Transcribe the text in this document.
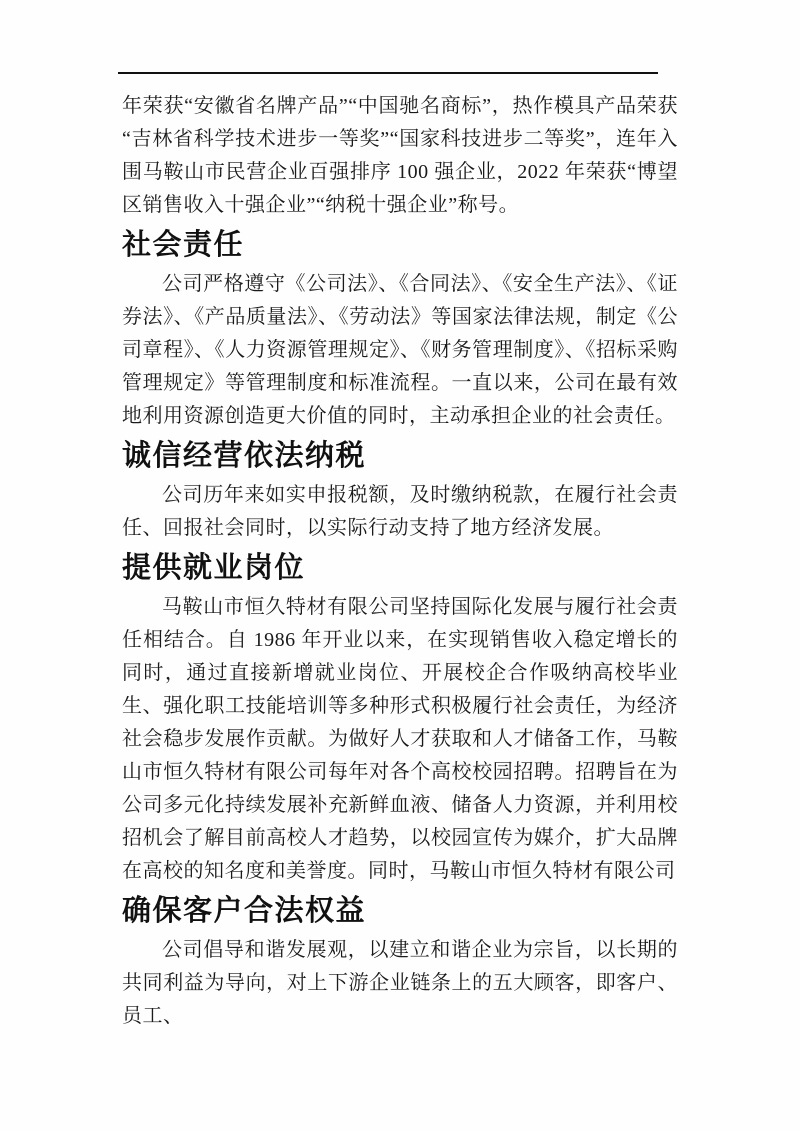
年荣获“安徽省名牌产品”“中国驰名商标”，热作模具产品荣获“吉林省科学技术进步一等奖”“国家科技进步二等奖”，连年入围马鞍山市民营企业百强排序 100 强企业，2022 年荣获“博望区销售收入十强企业”“纳税十强企业”称号。

社会责任

公司严格遵守《公司法》、《合同法》、《安全生产法》、《证券法》、《产品质量法》、《劳动法》等国家法律法规，制定《公司章程》、《人力资源管理规定》、《财务管理制度》、《招标采购管理规定》等管理制度和标准流程。一直以来，公司在最有效地利用资源创造更大价值的同时，主动承担企业的社会责任。

诚信经营依法纳税

公司历年来如实申报税额，及时缴纳税款，在履行社会责任、回报社会同时，以实际行动支持了地方经济发展。

提供就业岗位

马鞍山市恒久特材有限公司坚持国际化发展与履行社会责任相结合。自 1986 年开业以来，在实现销售收入稳定增长的同时，通过直接新增就业岗位、开展校企合作吸纳高校毕业生、强化职工技能培训等多种形式积极履行社会责任，为经济社会稳步发展作贡献。为做好人才获取和人才储备工作，马鞍山市恒久特材有限公司每年对各个高校校园招聘。招聘旨在为公司多元化持续发展补充新鲜血液、储备人力资源，并利用校招机会了解目前高校人才趋势，以校园宣传为媒介，扩大品牌在高校的知名度和美誉度。同时，马鞍山市恒久特材有限公司

确保客户合法权益

公司倡导和谐发展观，以建立和谐企业为宗旨，以长期的共同利益为导向，对上下游企业链条上的五大顾客，即客户、员工、
